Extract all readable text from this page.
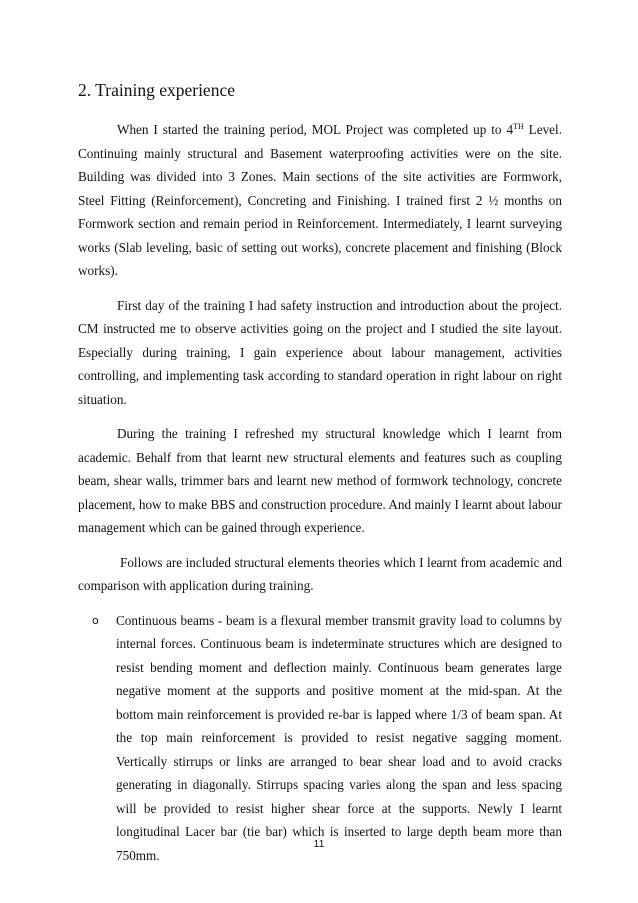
2. Training experience

When I started the training period, MOL Project was completed up to 4TH Level. Continuing mainly structural and Basement waterproofing activities were on the site. Building was divided into 3 Zones. Main sections of the site activities are Formwork, Steel Fitting (Reinforcement), Concreting and Finishing. I trained first 2 ½ months on Formwork section and remain period in Reinforcement. Intermediately, I learnt surveying works (Slab leveling, basic of setting out works), concrete placement and finishing (Block works).

First day of the training I had safety instruction and introduction about the project. CM instructed me to observe activities going on the project and I studied the site layout. Especially during training, I gain experience about labour management, activities controlling, and implementing task according to standard operation in right labour on right situation.

During the training I refreshed my structural knowledge which I learnt from academic. Behalf from that learnt new structural elements and features such as coupling beam, shear walls, trimmer bars and learnt new method of formwork technology, concrete placement, how to make BBS and construction procedure. And mainly I learnt about labour management which can be gained through experience.

Follows are included structural elements theories which I learnt from academic and comparison with application during training.

o Continuous beams - beam is a flexural member transmit gravity load to columns by internal forces. Continuous beam is indeterminate structures which are designed to resist bending moment and deflection mainly. Continuous beam generates large negative moment at the supports and positive moment at the mid-span. At the bottom main reinforcement is provided re-bar is lapped where 1/3 of beam span. At the top main reinforcement is provided to resist negative sagging moment. Vertically stirrups or links are arranged to bear shear load and to avoid cracks generating in diagonally. Stirrups spacing varies along the span and less spacing will be provided to resist higher shear force at the supports. Newly I learnt longitudinal Lacer bar (tie bar) which is inserted to large depth beam more than 750mm.
11
